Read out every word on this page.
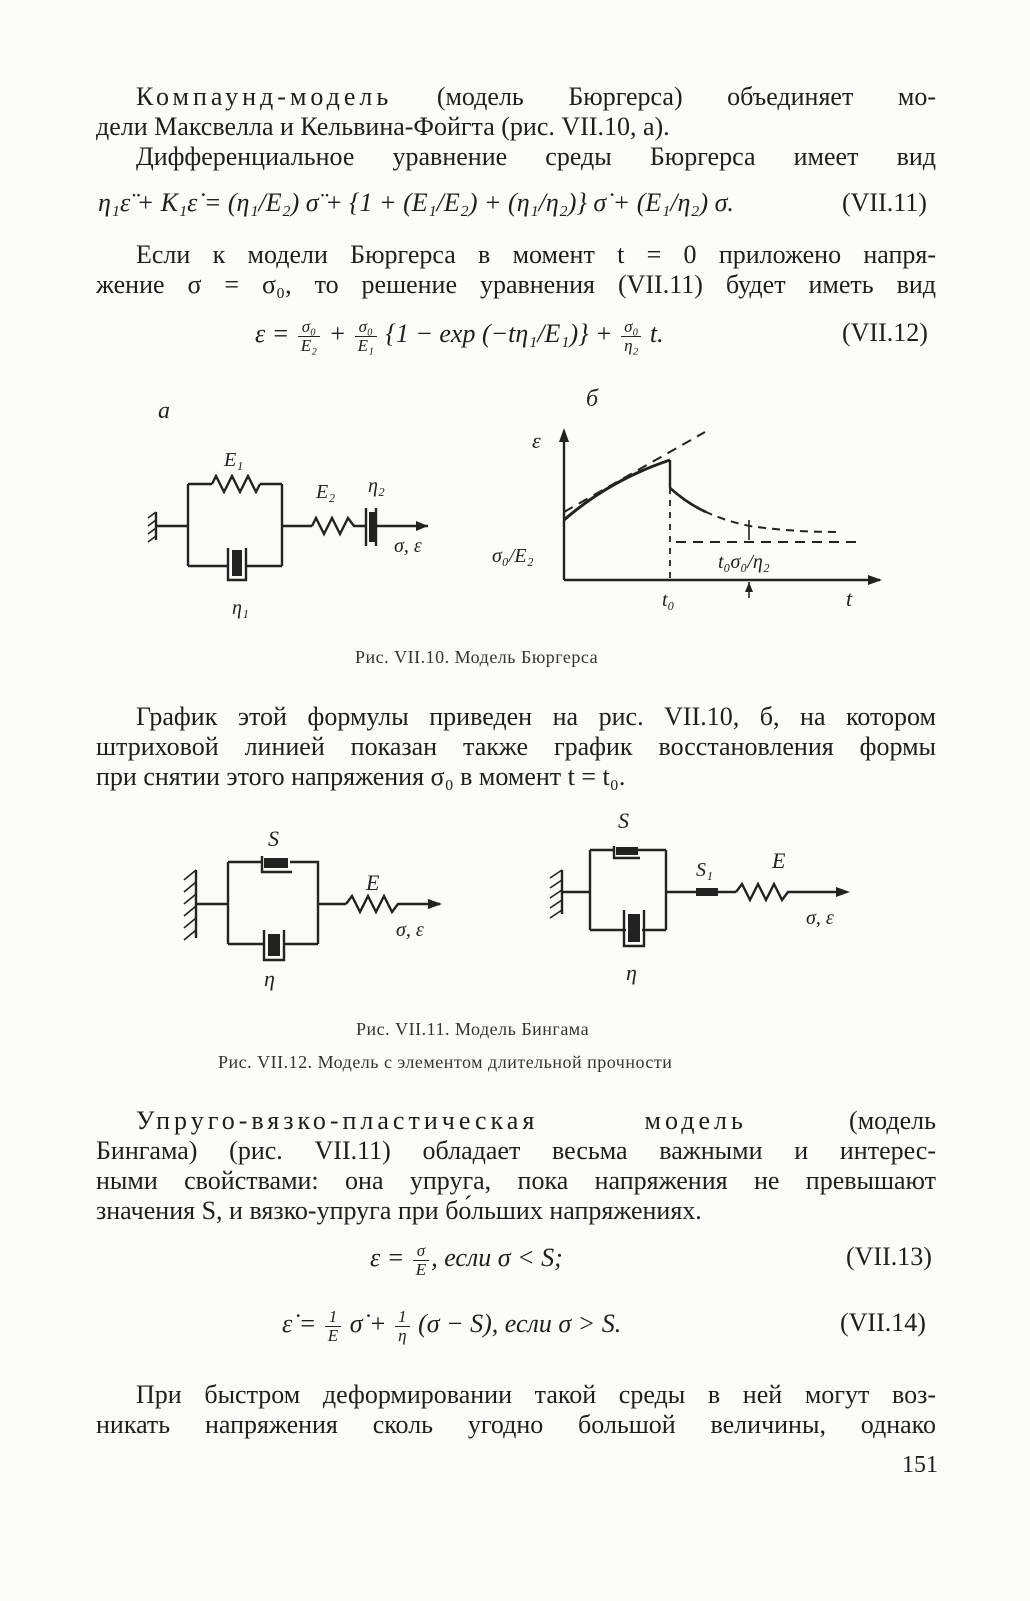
Компаунд-модель (модель Бюргерса) объединяет мо-
дели Максвелла и Кельвина-Фойгта (рис. VII.10, а).
Дифференциальное уравнение среды Бюргерса имеет вид
η₁ε̈ + K₁ε̇ = (η₁/E₂) σ̈ + {1 + (E₁/E₂) + (η₁/η₂)} σ̇ + (E₁/η₂) σ.	(VII.11)
Если к модели Бюргерса в момент t = 0 приложено напря-
жение σ = σ₀, то решение уравнения (VII.11) будет иметь вид
$\varepsilon = \frac{\text{σ₀}}{\text{E₂}} + \frac{\text{σ₀}}{\text{E₁}} \{1 - \exp (-t\eta_1/E_1)\} + \frac{\text{σ₀}}{\text{η₂}} t$.	(VII.12)
a	б
E₁
E₂ η₂
η₁
σ, ε
ε
t
σ₀/E₂
t₀
t₀σ₀/η₂
Рис. VII.10. Модель Бюргерса
График этой формулы приведен на рис. VII.10, б, на котором
штриховой линией показан также график восстановления формы
при снятии этого напряжения σ₀ в момент t = t₀.
S
E
η
σ, ε
S
S₁	E
η
σ, ε
Рис. VII.11. Модель Бингама
Рис. VII.12. Модель с элементом длительной прочности
Упруго-вязко-пластическая модель (модель
Бингама) (рис. VII.11) обладает весьма важными и интерес-
ными свойствами: она упруга, пока напряжения не превышают
значения S, и вязко-упруга при бо́льших напряжениях.
$\varepsilon = \frac{\sigma}{E}$ , если σ < S;	(VII.13)
ε̇ = $\frac{1}{E}$ σ̇ + $\frac{1}{\eta} (\sigma - S)$, если σ > S.	(VII.14)
При быстром деформировании такой среды в ней могут воз-
никать напряжения сколь угодно большой величины, однако
151
